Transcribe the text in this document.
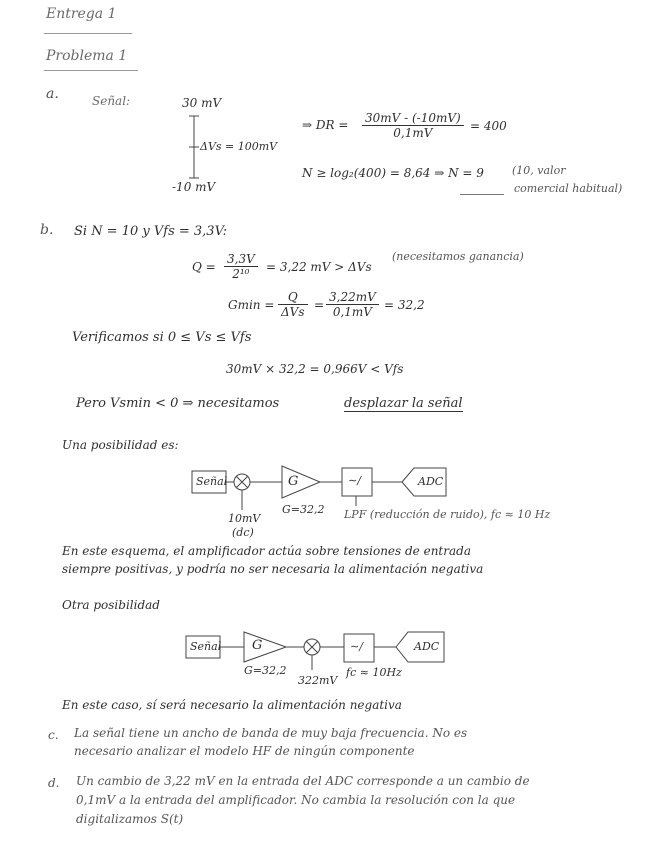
Entrega 1
Problema 1
a.	Señal:	30 mV
-10 mV
ΔVs = 100mV
⇒ DR = $\frac{30mV - (-10mV)}{0,1mV} = 400$
N ≥ log₂(400) = 8,64 ⇒ N = 9	(10, valor
comercial habitual)
b. Si N = 10 y Vfs = 3,3V:
$Q = \frac{3,3V}{\text{2¹⁰}} = 3,22$ mV > ΔVs
(necesitamos ganancia)
Gmin =
Q
$\Delta Vs = \frac{3,22mV}{0,1mV} = 32,2$
Verificamos si 0 ≤ Vs ≤ Vfs
30mV × 32,2 = 0,966V < Vfs
Pero Vsmin < 0 ⇒ necesitamos	desplazar la señal
Una posibilidad es:
Señal	G	∼/	ADC
10mV
(dc)
G=32,2 LPF (reducción de ruido), fc ≈ 10 Hz
En este esquema, el amplificador actúa sobre tensiones de entrada
siempre positivas, y podría no ser necesaria la alimentación negativa
Otra posibilidad
Señal G	∼/	ADC
G=32,2
322mV
fc ≈ 10Hz
En este caso, sí será necesario la alimentación negativa
c. La señal tiene un ancho de banda de muy baja frecuencia. No es
necesario analizar el modelo HF de ningún componente
d. Un cambio de 3,22 mV en la entrada del ADC corresponde a un cambio de
0,1mV a la entrada del amplificador. No cambia la resolución con la que
digitalizamos S(t)
